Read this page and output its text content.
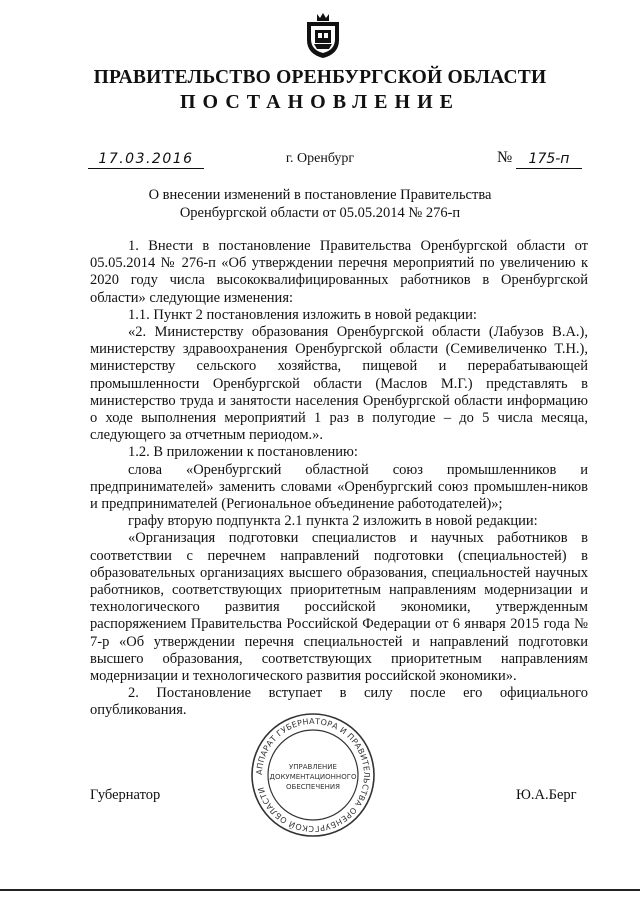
ПРАВИТЕЛЬСТВО ОРЕНБУРГСКОЙ ОБЛАСТИ
ПОСТАНОВЛЕНИЕ
17.03.2016	г. Оренбург	№	175-п
О внесении изменений в постановление Правительства
Оренбургской области от 05.05.2014 № 276-п

1. Внести в постановление Правительства Оренбургской области от 05.05.2014 № 276-п «Об утверждении перечня мероприятий по увеличению к 2020 году числа высококвалифицированных работников в Оренбургской области» следующие изменения:

1.1. Пункт 2 постановления изложить в новой редакции:

«2. Министерству образования Оренбургской области (Лабузов В.А.), министерству здравоохранения Оренбургской области (Семивеличенко Т.Н.), министерству сельского хозяйства, пищевой и перерабатывающей промышленности Оренбургской области (Маслов М.Г.) представлять в министерство труда и занятости населения Оренбургской области информацию о ходе выполнения мероприятий 1 раз в полугодие – до 5 числа месяца, следующего за отчетным периодом.».

1.2. В приложении к постановлению:

слова «Оренбургский областной союз промышленников и предпринимателей» заменить словами «Оренбургский союз промышлен-ников и предпринимателей (Региональное объединение работодателей)»;

графу вторую подпункта 2.1 пункта 2 изложить в новой редакции:

«Организация подготовки специалистов и научных работников в соответствии с перечнем направлений подготовки (специальностей) в образовательных организациях высшего образования, специальностей научных работников, соответствующих приоритетным направлениям модернизации и технологического развития российской экономики, утвержденным распоряжением Правительства Российской Федерации от 6 января 2015 года № 7-р «Об утверждении перечня специальностей и направлений подготовки высшего образования, соответствующих приоритетным направлениям модернизации и технологического развития российской экономики».

2. Постановление вступает в силу после его официального

опубликования.

Губернатор	Ю.А.Берг
АППАРАТ ГУБЕРНАТОРА И ПРАВИТЕЛЬСТВА ОРЕНБУРГСКОЙ ОБЛАСТИ
УПРАВЛЕНИЕ
ДОКУМЕНТАЦИОННОГО
ОБЕСПЕЧЕНИЯ
